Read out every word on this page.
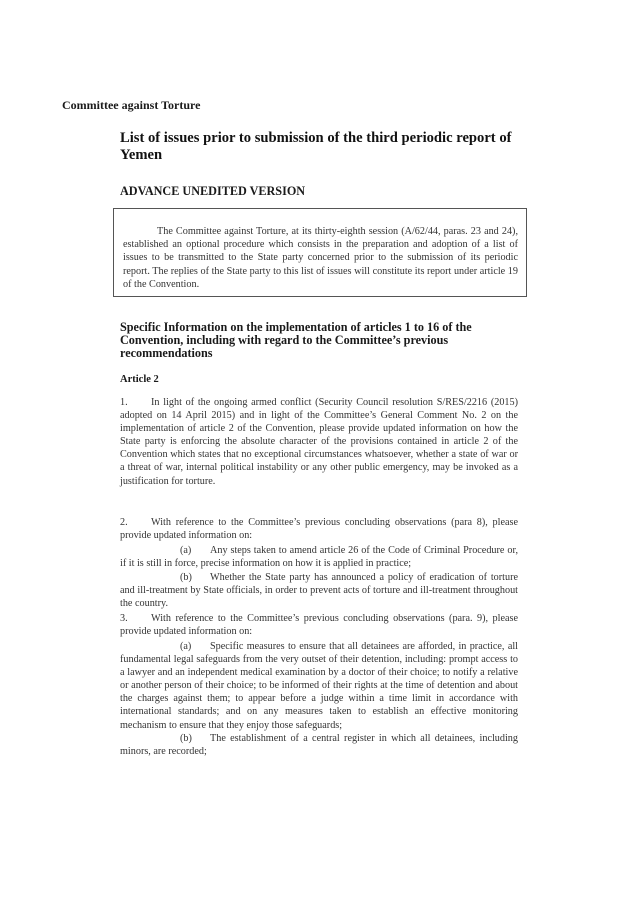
Committee against Torture
List of issues prior to submission of the third periodic report of Yemen
ADVANCE UNEDITED VERSION
The Committee against Torture, at its thirty-eighth session (A/62/44, paras. 23 and 24), established an optional procedure which consists in the preparation and adoption of a list of issues to be transmitted to the State party concerned prior to the submission of its periodic report. The replies of the State party to this list of issues will constitute its report under article 19 of the Convention.
Specific Information on the implementation of articles 1 to 16 of the Convention, including with regard to the Committee’s previous recommendations
Article 2
1. In light of the ongoing armed conflict (Security Council resolution S/RES/2216 (2015) adopted on 14 April 2015) and in light of the Committee’s General Comment No. 2 on the implementation of article 2 of the Convention, please provide updated information on how the State party is enforcing the absolute character of the provisions contained in article 2 of the Convention which states that no exceptional circumstances whatsoever, whether a state of war or a threat of war, internal political instability or any other public emergency, may be invoked as a justification for torture.
2. With reference to the Committee’s previous concluding observations (para 8), please provide updated information on:
(a) Any steps taken to amend article 26 of the Code of Criminal Procedure or, if it is still in force, precise information on how it is applied in practice;
(b) Whether the State party has announced a policy of eradication of torture and ill-treatment by State officials, in order to prevent acts of torture and ill-treatment throughout the country.
3. With reference to the Committee’s previous concluding observations (para. 9), please provide updated information on:
(a) Specific measures to ensure that all detainees are afforded, in practice, all fundamental legal safeguards from the very outset of their detention, including: prompt access to a lawyer and an independent medical examination by a doctor of their choice; to notify a relative or another person of their choice; to be informed of their rights at the time of detention and about the charges against them; to appear before a judge within a time limit in accordance with international standards; and on any measures taken to establish an effective monitoring mechanism to ensure that they enjoy those safeguards;
(b) The establishment of a central register in which all detainees, including minors, are recorded;
